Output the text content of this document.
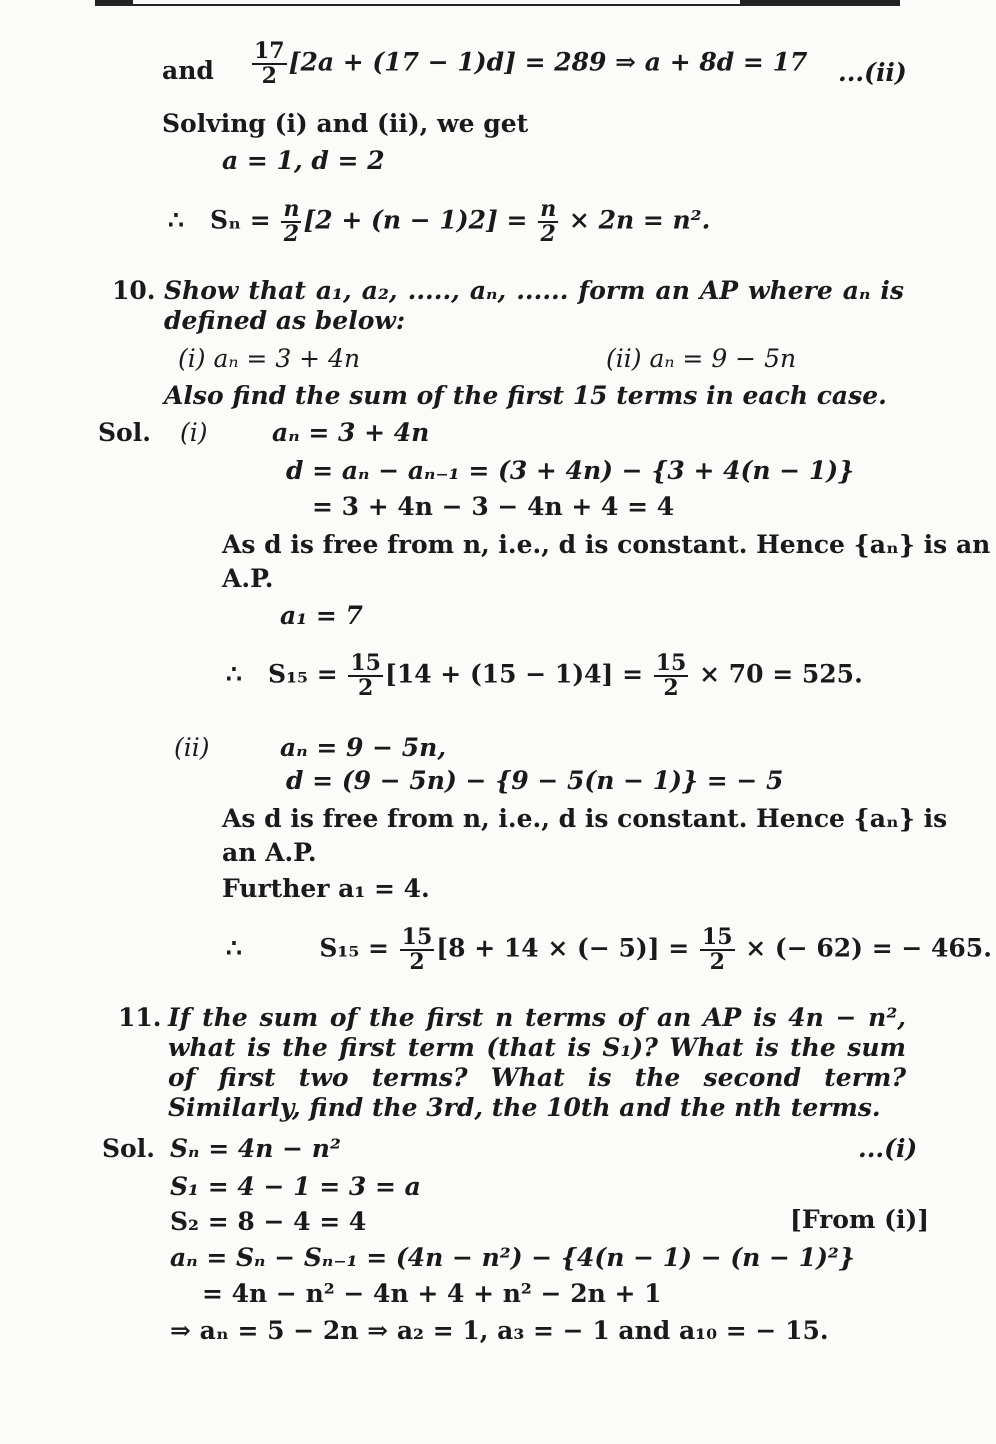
and $\frac{17}{2} [2a + (17 - 1)d] = 289$ ⇒ a + 8d = 17 ...(ii)
Solving (i) and (ii), we get
a = 1, d = 2
∴ $S_n = \frac{n}{2} [2 + (n - 1)2] = \frac{n}{2} \times 2n = n^2$.
10. Show that a₁, a₂, ....., aₙ, ...... form an AP where aₙ is defined as below:
(i) aₙ = 3 + 4n	(ii) aₙ = 9 − 5n
Also find the sum of the first 15 terms in each case.
Sol. (i)	aₙ = 3 + 4n
d = aₙ − aₙ₋₁ = (3 + 4n) − {3 + 4(n − 1)}
= 3 + 4n − 3 − 4n + 4 = 4
As d is free from n, i.e., d is constant. Hence {aₙ} is an
A.P.
a₁ = 7
∴ $S_{15} = \frac{15}{2} [14 + (15 - 1)4] = \frac{15}{2} \times 70 = 525$.
(ii)	aₙ = 9 − 5n,
d = (9 − 5n) − {9 − 5(n − 1)} = − 5
As d is free from n, i.e., d is constant. Hence {aₙ} is
an A.P.
Further a₁ = 4.
∴	$S_{15} = \frac{15}{2} [8 + 14$ × (− $5)] = \frac{15}{2}$ × (− 62) = − 465.
11. If the sum of the first n terms of an AP is 4n − n², what is the first term (that is S₁)? What is the sum of first two terms? What is the second term? Similarly, find the 3rd, the 10th and the nth terms.
Sol. Sₙ = 4n − n²	...(i)
S₁ = 4 − 1 = 3 = a
S₂ = 8 − 4 = 4	[From (i)]
aₙ = Sₙ − Sₙ₋₁ = (4n − n²) − {4(n − 1) − (n − 1)²}
= 4n − n² − 4n + 4 + n² − 2n + 1
⇒ aₙ = 5 − 2n ⇒ a₂ = 1, a₃ = − 1 and a₁₀ = − 15.
